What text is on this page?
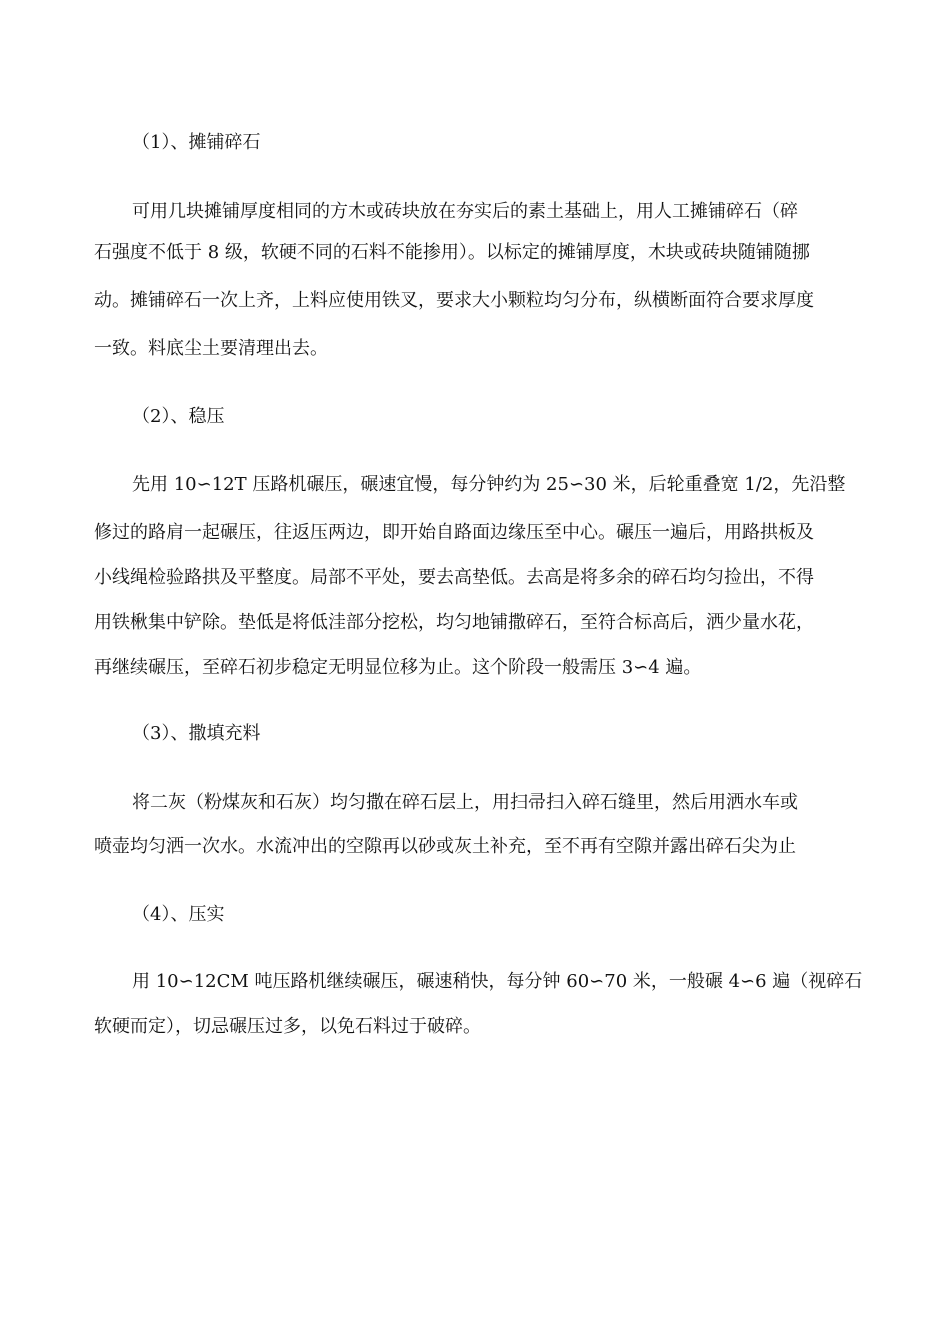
（1）、摊铺碎石
可用几块摊铺厚度相同的方木或砖块放在夯实后的素土基础上，用人工摊铺碎石（碎
石强度不低于 8 级，软硬不同的石料不能掺用）。以标定的摊铺厚度，木块或砖块随铺随挪
动。摊铺碎石一次上齐，上料应使用铁叉，要求大小颗粒均匀分布，纵横断面符合要求厚度
一致。料底尘土要清理出去。
（2）、稳压
先用 10∽12T 压路机碾压，碾速宜慢，每分钟约为 25∽30 米，后轮重叠宽 1/2，先沿整
修过的路肩一起碾压，往返压两边，即开始自路面边缘压至中心。碾压一遍后，用路拱板及
小线绳检验路拱及平整度。局部不平处，要去高垫低。去高是将多余的碎石均匀捡出，不得
用铁楸集中铲除。垫低是将低洼部分挖松，均匀地铺撒碎石，至符合标高后，洒少量水花，
再继续碾压，至碎石初步稳定无明显位移为止。这个阶段一般需压 3∽4 遍。
（3）、撒填充料
将二灰（粉煤灰和石灰）均匀撒在碎石层上，用扫帚扫入碎石缝里，然后用洒水车或
喷壶均匀洒一次水。水流冲出的空隙再以砂或灰土补充，至不再有空隙并露出碎石尖为止
（4）、压实
用 10∽12CM 吨压路机继续碾压，碾速稍快，每分钟 60∽70 米，一般碾 4∽6 遍（视碎石
软硬而定），切忌碾压过多，以免石料过于破碎。
